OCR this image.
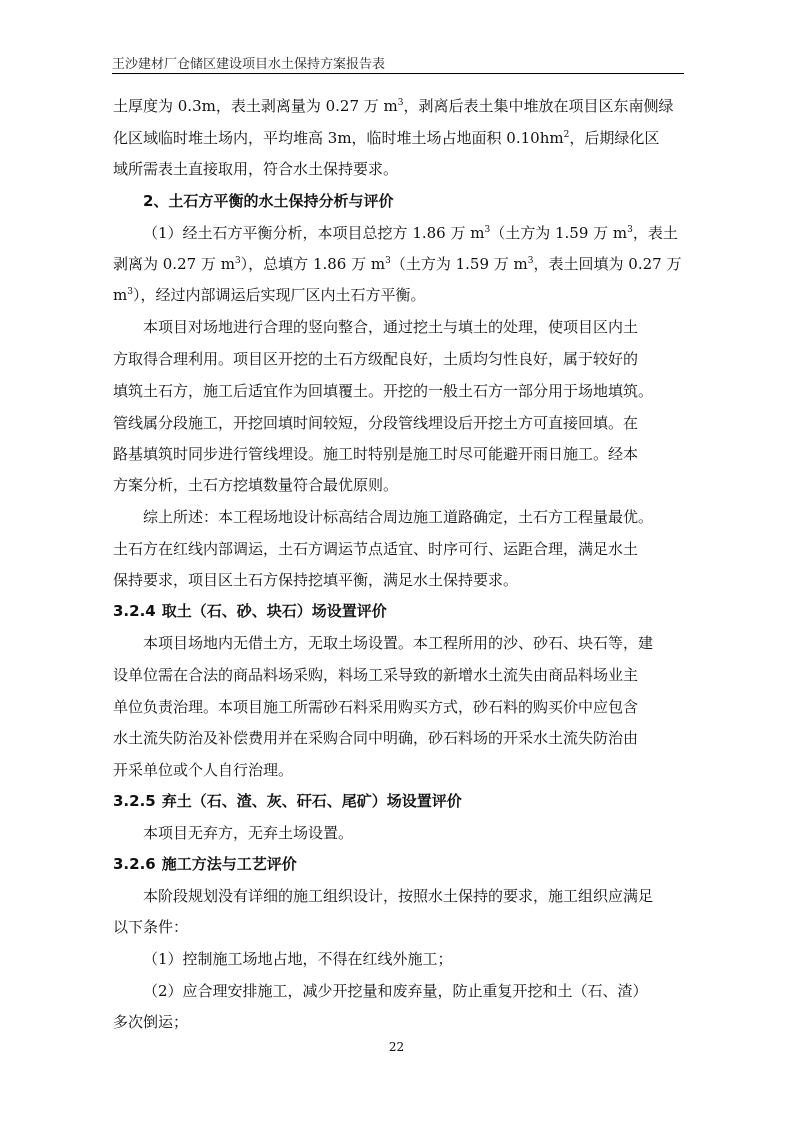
王沙建材厂仓储区建设项目水土保持方案报告表
土厚度为 0.3m，表土剥离量为 0.27 万 $m^3$，剥离后表土集中堆放在项目区东南侧绿
化区域临时堆土场内，平均堆高 3m，临时堆土场占地面积 $0.10hm^2$，后期绿化区
域所需表土直接取用，符合水土保持要求。
2、土石方平衡的水土保持分析与评价
（1）经土石方平衡分析，本项目总挖方 1.86 万 $m^3$（土方为 1.59 万 $m^3$，表土
剥离为 0.27 万 $m^3$），总填方 1.86 万 $m^3$（土方为 1.59 万 $m^3$，表土回填为 0.27 万
$m^3$），经过内部调运后实现厂区内土石方平衡。
本项目对场地进行合理的竖向整合，通过挖土与填土的处理，使项目区内土
方取得合理利用。项目区开挖的土石方级配良好，土质均匀性良好，属于较好的
填筑土石方，施工后适宜作为回填覆土。开挖的一般土石方一部分用于场地填筑。
管线属分段施工，开挖回填时间较短，分段管线埋设后开挖土方可直接回填。在
路基填筑时同步进行管线埋设。施工时特别是施工时尽可能避开雨日施工。经本
方案分析，土石方挖填数量符合最优原则。
综上所述：本工程场地设计标高结合周边施工道路确定，土石方工程量最优。
土石方在红线内部调运，土石方调运节点适宜、时序可行、运距合理，满足水土
保持要求，项目区土石方保持挖填平衡，满足水土保持要求。
3.2.4 取土（石、砂、块石）场设置评价
本项目场地内无借土方，无取土场设置。本工程所用的沙、砂石、块石等，建
设单位需在合法的商品料场采购，料场工采导致的新增水土流失由商品料场业主
单位负责治理。本项目施工所需砂石料采用购买方式，砂石料的购买价中应包含
水土流失防治及补偿费用并在采购合同中明确，砂石料场的开采水土流失防治由
开采单位或个人自行治理。
3.2.5 弃土（石、渣、灰、矸石、尾矿）场设置评价
本项目无弃方，无弃土场设置。
3.2.6 施工方法与工艺评价
本阶段规划没有详细的施工组织设计，按照水土保持的要求，施工组织应满足
以下条件：
（1）控制施工场地占地，不得在红线外施工；
（2）应合理安排施工，减少开挖量和废弃量，防止重复开挖和土（石、渣）
多次倒运；
22
